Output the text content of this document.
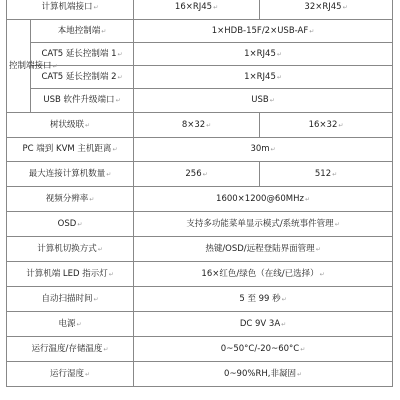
计算机端接口↵		16×RJ45↵	32×RJ45↵
控制端接口↵	本地控制端↵	1×HDB-15F/2×USB-AF↵	
	CAT5 延长控制端 1↵	1×RJ45↵	
	CAT5 延长控制端 2↵	1×RJ45↵	
	USB 软件升级端口↵	USB↵	
树状级联↵		8×32↵	16×32↵
PC 端到 KVM 主机距离↵		30m↵	
最大连接计算机数量↵		256↵	512↵
视频分辨率↵		1600×1200@60MHz↵	
OSD↵		支持多功能菜单显示模式/系统事件管理↵	
计算机切换方式↵		热键/OSD/远程登陆界面管理↵	
计算机端 LED 指示灯↵		16×红色/绿色（在线/已选择）↵	
自动扫描时间↵		5 至 99 秒↵	
电源↵		DC 9V 3A↵	
运行温度/存储温度↵		0~50°C/-20~60°C↵	
运行湿度↵		0~90%RH,非凝固↵	
